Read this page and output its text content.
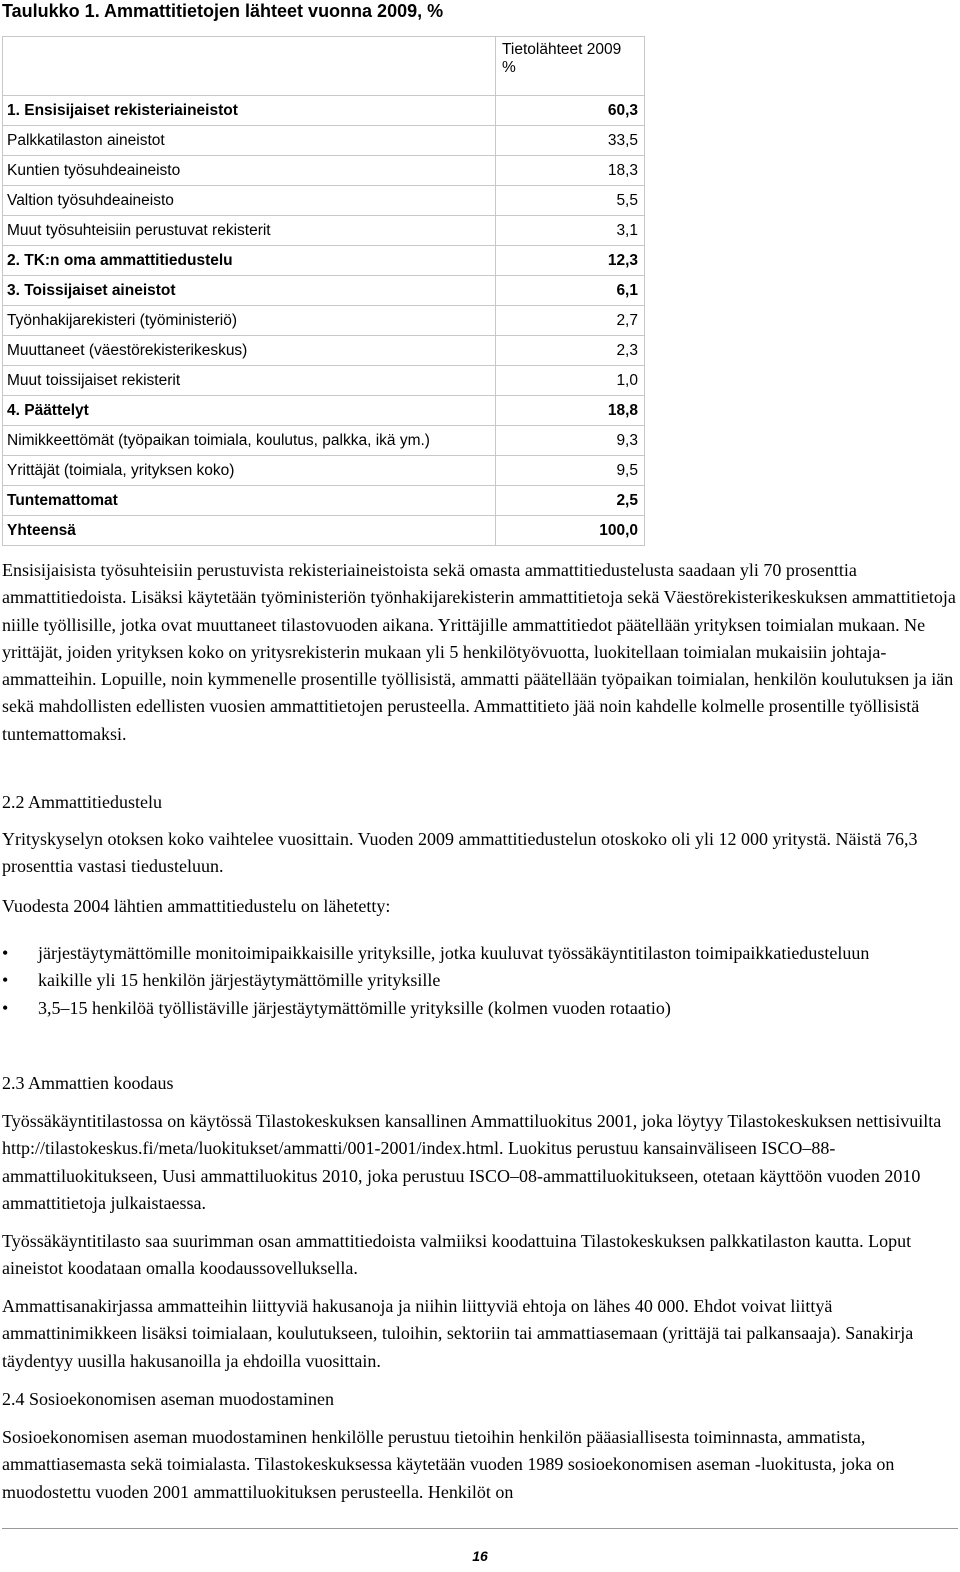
Taulukko 1. Ammattitietojen lähteet vuonna 2009, %
	Tietolähteet 2009
%
1. Ensisijaiset rekisteriaineistot	60,3
Palkkatilaston aineistot	33,5
Kuntien työsuhdeaineisto	18,3
Valtion työsuhdeaineisto	5,5
Muut työsuhteisiin perustuvat rekisterit	3,1
2. TK:n oma ammattitiedustelu	12,3
3. Toissijaiset aineistot	6,1
Työnhakijarekisteri (työministeriö)	2,7
Muuttaneet (väestörekisterikeskus)	2,3
Muut toissijaiset rekisterit	1,0
4. Päättelyt	18,8
Nimikkeettömät (työpaikan toimiala, koulutus, palkka, ikä ym.)	9,3
Yrittäjät (toimiala, yrityksen koko)	9,5
Tuntemattomat	2,5
Yhteensä	100,0

Ensisijaisista työsuhteisiin perustuvista rekisteriaineistoista sekä omasta ammattitiedustelusta saadaan yli 70 prosenttia ammattitiedoista. Lisäksi käytetään työministeriön työnhakijarekisterin ammattitietoja sekä Väestörekisterikeskuksen ammattitietoja niille työllisille, jotka ovat muuttaneet tilastovuoden aikana. Yrittäjille ammattitiedot päätellään yrityksen toimialan mukaan. Ne yrittäjät, joiden yrityksen koko on yritysrekisterin mukaan yli 5 henkilötyövuotta, luokitellaan toimialan mukaisiin johtaja-ammatteihin. Lopuille, noin kymmenelle prosentille työllisistä, ammatti päätellään työpaikan toimialan, henkilön koulutuksen ja iän sekä mahdollisten edellisten vuosien ammattitietojen perusteella. Ammattitieto jää noin kahdelle kolmelle prosentille työllisistä tuntemattomaksi.

2.2 Ammattitiedustelu
Yrityskyselyn otoksen koko vaihtelee vuosittain. Vuoden 2009 ammattitiedustelun otoskoko oli yli 12 000 yritystä. Näistä 76,3 prosenttia vastasi tiedusteluun.
Vuodesta 2004 lähtien ammattitiedustelu on lähetetty:
• järjestäytymättömille monitoimipaikkaisille yrityksille, jotka kuuluvat työssäkäyntitilaston toimipaikkatiedusteluun
• kaikille yli 15 henkilön järjestäytymättömille yrityksille
• 3,5–15 henkilöä työllistäville järjestäytymättömille yrityksille (kolmen vuoden rotaatio)
2.3 Ammattien koodaus
Työssäkäyntitilastossa on käytössä Tilastokeskuksen kansallinen Ammattiluokitus 2001, joka löytyy Tilastokeskuksen nettisivuilta http://tilastokeskus.fi/meta/luokitukset/ammatti/001-2001/index.html. Luokitus perustuu kansainväliseen ISCO–88-ammattiluokitukseen, Uusi ammattiluokitus 2010, joka perustuu ISCO–08-ammattiluokitukseen, otetaan käyttöön vuoden 2010 ammattitietoja julkaistaessa.
Työssäkäyntitilasto saa suurimman osan ammattitiedoista valmiiksi koodattuina Tilastokeskuksen palkkatilaston kautta. Loput aineistot koodataan omalla koodaussovelluksella.
Ammattisanakirjassa ammatteihin liittyviä hakusanoja ja niihin liittyviä ehtoja on lähes 40 000. Ehdot voivat liittyä ammattinimikkeen lisäksi toimialaan, koulutukseen, tuloihin, sektoriin tai ammattiasemaan (yrittäjä tai palkansaaja). Sanakirja täydentyy uusilla hakusanoilla ja ehdoilla vuosittain.
2.4 Sosioekonomisen aseman muodostaminen
Sosioekonomisen aseman muodostaminen henkilölle perustuu tietoihin henkilön pääasiallisesta toiminnasta, ammatista, ammattiasemasta sekä toimialasta. Tilastokeskuksessa käytetään vuoden 1989 sosioekonomisen aseman -luokitusta, joka on muodostettu vuoden 2001 ammattiluokituksen perusteella. Henkilöt on
16
